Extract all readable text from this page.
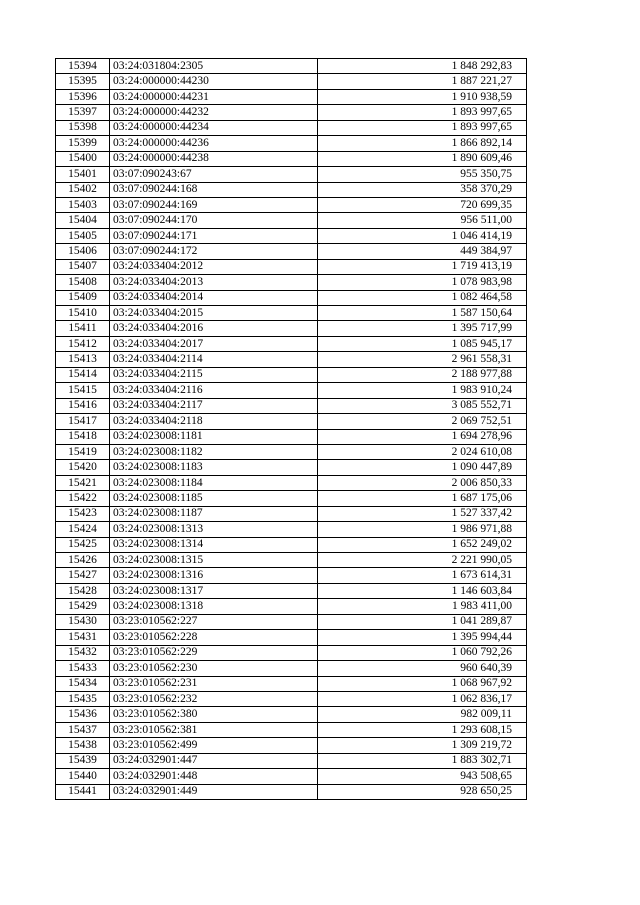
15394	03:24:031804:2305	1 848 292,83
15395	03:24:000000:44230	1 887 221,27
15396	03:24:000000:44231	1 910 938,59
15397	03:24:000000:44232	1 893 997,65
15398	03:24:000000:44234	1 893 997,65
15399	03:24:000000:44236	1 866 892,14
15400	03:24:000000:44238	1 890 609,46
15401	03:07:090243:67	955 350,75
15402	03:07:090244:168	358 370,29
15403	03:07:090244:169	720 699,35
15404	03:07:090244:170	956 511,00
15405	03:07:090244:171	1 046 414,19
15406	03:07:090244:172	449 384,97
15407	03:24:033404:2012	1 719 413,19
15408	03:24:033404:2013	1 078 983,98
15409	03:24:033404:2014	1 082 464,58
15410	03:24:033404:2015	1 587 150,64
15411	03:24:033404:2016	1 395 717,99
15412	03:24:033404:2017	1 085 945,17
15413	03:24:033404:2114	2 961 558,31
15414	03:24:033404:2115	2 188 977,88
15415	03:24:033404:2116	1 983 910,24
15416	03:24:033404:2117	3 085 552,71
15417	03:24:033404:2118	2 069 752,51
15418	03:24:023008:1181	1 694 278,96
15419	03:24:023008:1182	2 024 610,08
15420	03:24:023008:1183	1 090 447,89
15421	03:24:023008:1184	2 006 850,33
15422	03:24:023008:1185	1 687 175,06
15423	03:24:023008:1187	1 527 337,42
15424	03:24:023008:1313	1 986 971,88
15425	03:24:023008:1314	1 652 249,02
15426	03:24:023008:1315	2 221 990,05
15427	03:24:023008:1316	1 673 614,31
15428	03:24:023008:1317	1 146 603,84
15429	03:24:023008:1318	1 983 411,00
15430	03:23:010562:227	1 041 289,87
15431	03:23:010562:228	1 395 994,44
15432	03:23:010562:229	1 060 792,26
15433	03:23:010562:230	960 640,39
15434	03:23:010562:231	1 068 967,92
15435	03:23:010562:232	1 062 836,17
15436	03:23:010562:380	982 009,11
15437	03:23:010562:381	1 293 608,15
15438	03:23:010562:499	1 309 219,72
15439	03:24:032901:447	1 883 302,71
15440	03:24:032901:448	943 508,65
15441	03:24:032901:449	928 650,25
